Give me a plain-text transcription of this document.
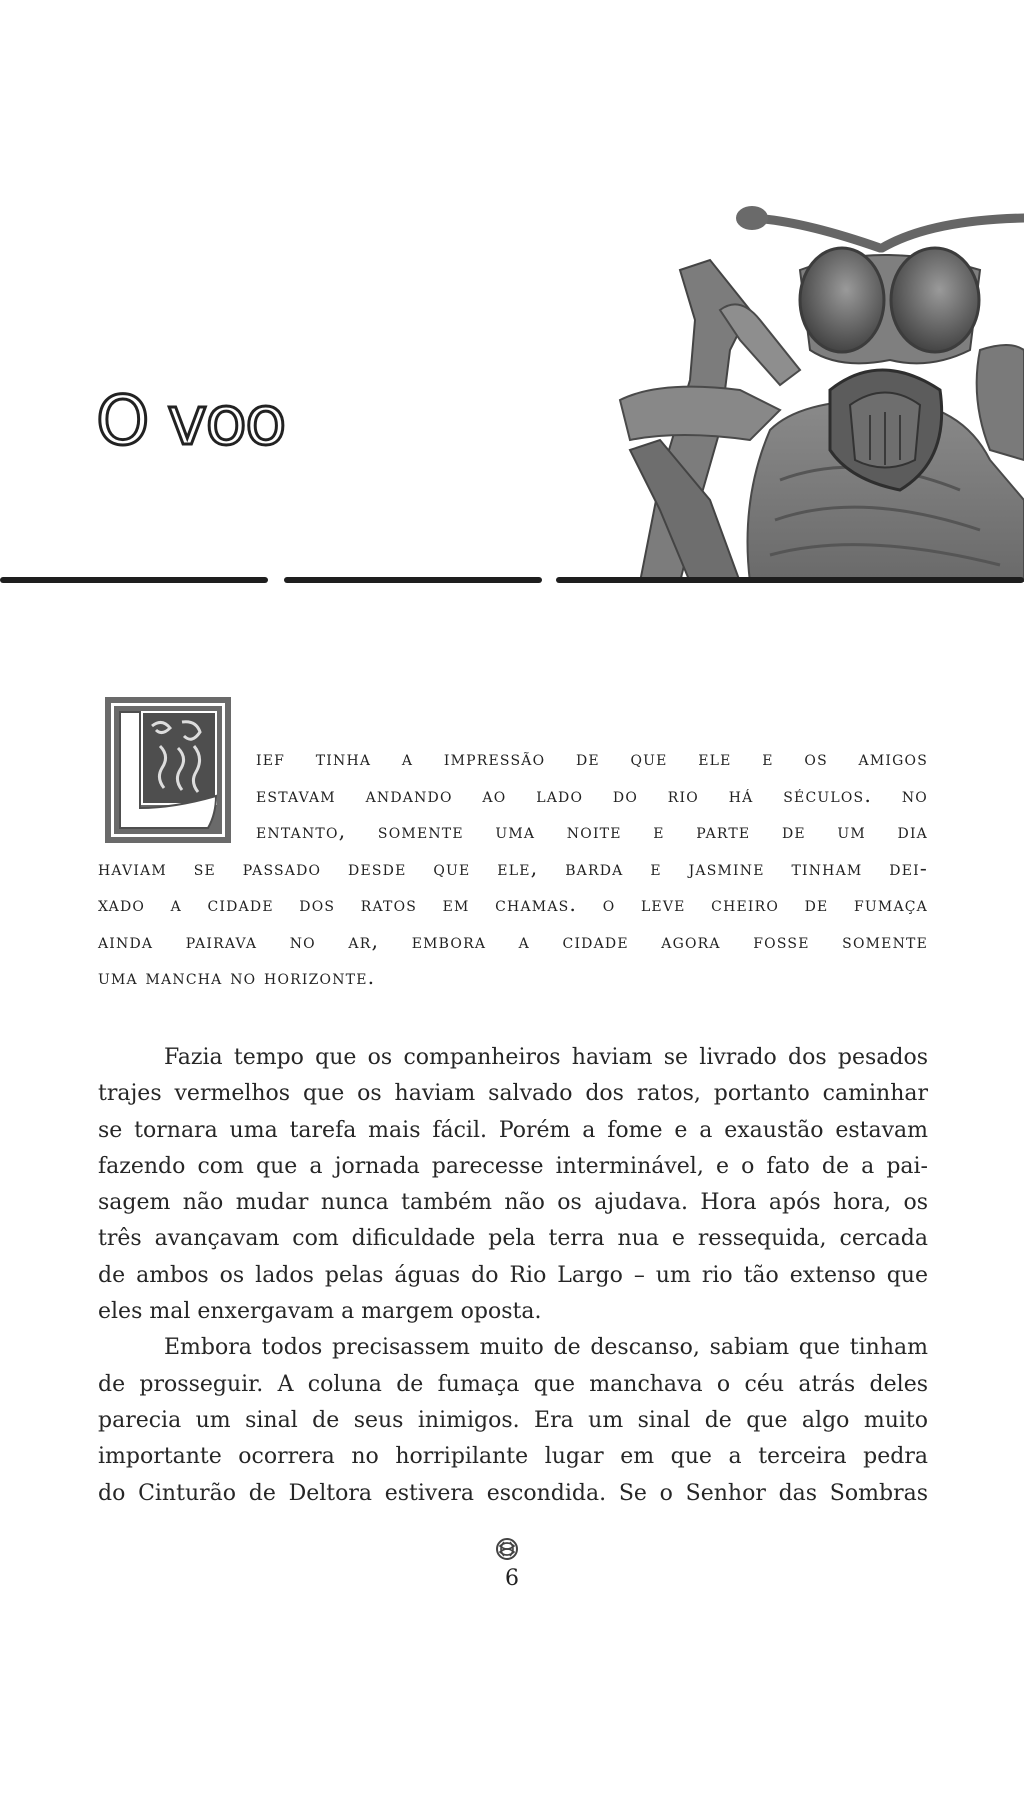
O voo
ief tinha a impressão de que ele e os amigos
estavam andando ao lado do rio há séculos. no
entanto, somente uma noite e parte de um dia
haviam se passado desde que ele, barda e jasmine tinham dei-
xado a cidade dos ratos em chamas. o leve cheiro de fumaça
ainda pairava no ar, embora a cidade agora fosse somente
uma mancha no horizonte.
Fazia tempo que os companheiros haviam se livrado dos pesados
trajes vermelhos que os haviam salvado dos ratos, portanto caminhar
se tornara uma tarefa mais fácil. Porém a fome e a exaustão estavam
fazendo com que a jornada parecesse interminável, e o fato de a pai-
sagem não mudar nunca também não os ajudava. Hora após hora, os
três avançavam com dificuldade pela terra nua e ressequida, cercada
de ambos os lados pelas águas do Rio Largo – um rio tão extenso que
eles mal enxergavam a margem oposta.
Embora todos precisassem muito de descanso, sabiam que tinham
de prosseguir. A coluna de fumaça que manchava o céu atrás deles
parecia um sinal de seus inimigos. Era um sinal de que algo muito
importante ocorrera no horripilante lugar em que a terceira pedra
do Cinturão de Deltora estivera escondida. Se o Senhor das Sombras
6
